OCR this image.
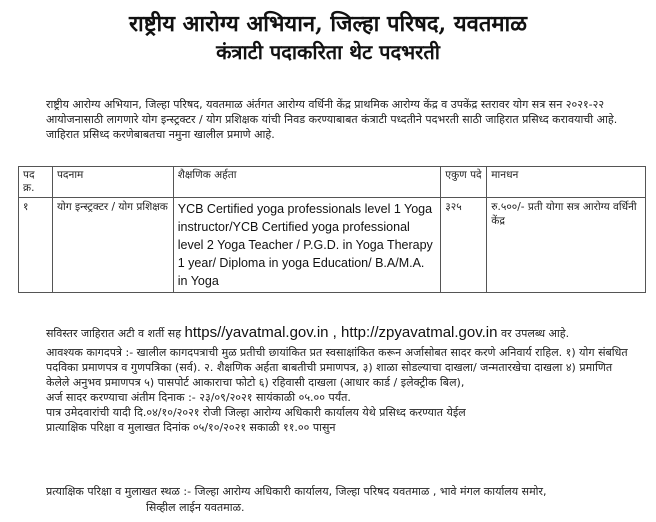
राष्ट्रीय आरोग्य अभियान, जिल्हा परिषद, यवतमाळ
कंत्राटी पदाकरिता थेट पदभरती
राष्ट्रीय आरोग्य अभियान, जिल्हा परिषद, यवतमाळ अंर्तगत आरोग्य वर्धिनी केंद्र प्राथमिक आरोग्य केंद्र व उपकेंद्र स्तरावर योग सत्र सन २०२१-२२ आयोजनासाठी लागणारे योग इन्स्ट्रक्टर / योग प्रशिक्षक यांची निवड करण्याबाबत कंत्राटी पध्दतीने पदभरती साठी जाहिरात प्रसिध्द करावयाची आहे. जाहिरात प्रसिध्द करणेबाबतचा नमुना खालील प्रमाणे आहे.
पद क्र.	पदनाम	शैक्षणिक अर्हता	एकुण पदे	मानधन
१	योग इन्स्ट्रक्टर / योग प्रशिक्षक	YCB Certified yoga professionals level 1 Yoga instructor/YCB Certified yoga professional level 2 Yoga Teacher / P.G.D. in Yoga Therapy 1 year/ Diploma in yoga Education/ B.A/M.A. in Yoga	३२५	रु.५००/- प्रती योगा सत्र आरोग्य वर्धिनी केंद्र

सविस्तर जाहिरात अटी व शर्ती सह https//yavatmal.gov.in , http://zpyavatmal.gov.in वर उपलब्ध आहे.

आवश्यक कागदपत्रे :- खालील कागदपत्राची मुळ प्रतीची छायांकित प्रत स्वसाक्षांकित करून अर्जासोबत सादर करणे अनिवार्य राहिल. १) योग संबधित पदविका प्रमाणपत्र व गुणपत्रिका (सर्व). २. शैक्षणिक अर्हता बाबतीची प्रमाणपत्र, ३) शाळा सोडल्याचा दाखला/ जन्मतारखेचा दाखला ४) प्रमाणित केलेले अनुभव प्रमाणपत्र ५) पासपोर्ट आकाराचा फोटो ६) रहिवासी दाखला (आधार कार्ड / इलेक्ट्रीक बिल),

अर्ज सादर करण्याचा अंतीम दिनाक :- २३/०९/२०२१ सायंकाळी ०५.०० पर्यंत.

पात्र उमेदवारांची यादी दि.०४/१०/२०२१ रोजी जिल्हा आरोग्य अधिकारी कार्यालय येथे प्रसिध्द करण्यात येईल

प्रात्याक्षिक परिक्षा व मुलाखत दिनांक ०५/१०/२०२१ सकाळी ११.०० पासुन

प्रत्याक्षिक परिक्षा व मुलाखत स्थळ :- जिल्हा आरोग्य अधिकारी कार्यालय, जिल्हा परिषद यवतमाळ , भावे मंगल कार्यालय समोर,
सिव्हील लाईन यवतमाळ.
